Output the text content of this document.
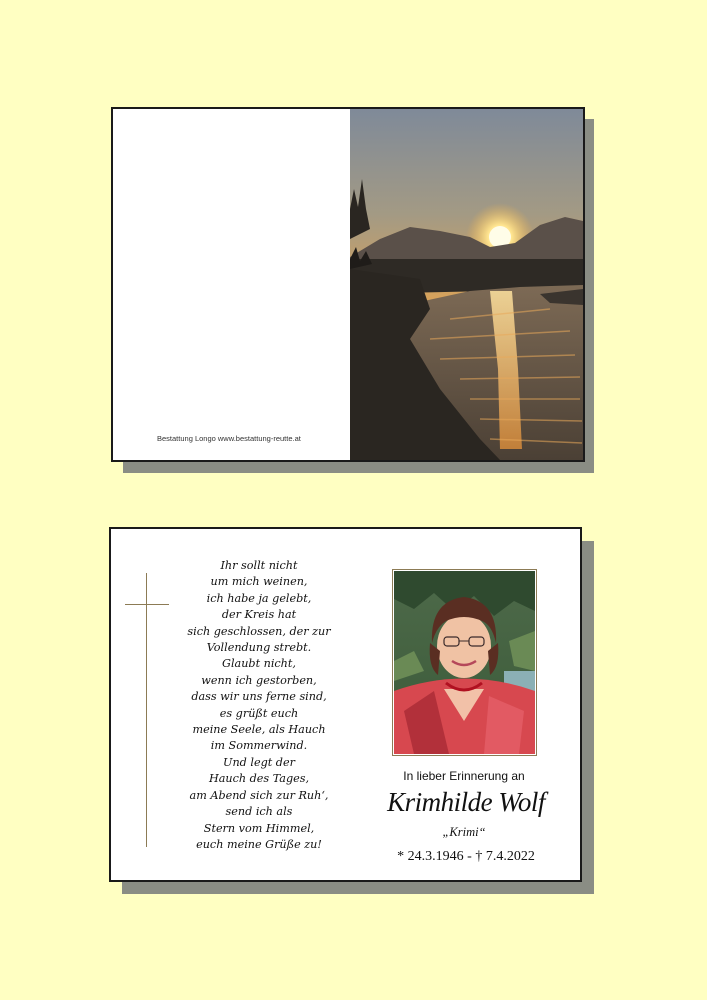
Bestattung Longo www.bestattung-reutte.at
Ihr sollt nicht
um mich weinen,
ich habe ja gelebt,
der Kreis hat
sich geschlossen, der zur
Vollendung strebt.
Glaubt nicht,
wenn ich gestorben,
dass wir uns ferne sind,
es grüßt euch
meine Seele, als Hauch
im Sommerwind.
Und legt der
Hauch des Tages,
am Abend sich zur Ruh‘,
send ich als
Stern vom Himmel,
euch meine Grüße zu!
In lieber Erinnerung an
Krimhilde Wolf
„Krimi“
* 24.3.1946 - † 7.4.2022
